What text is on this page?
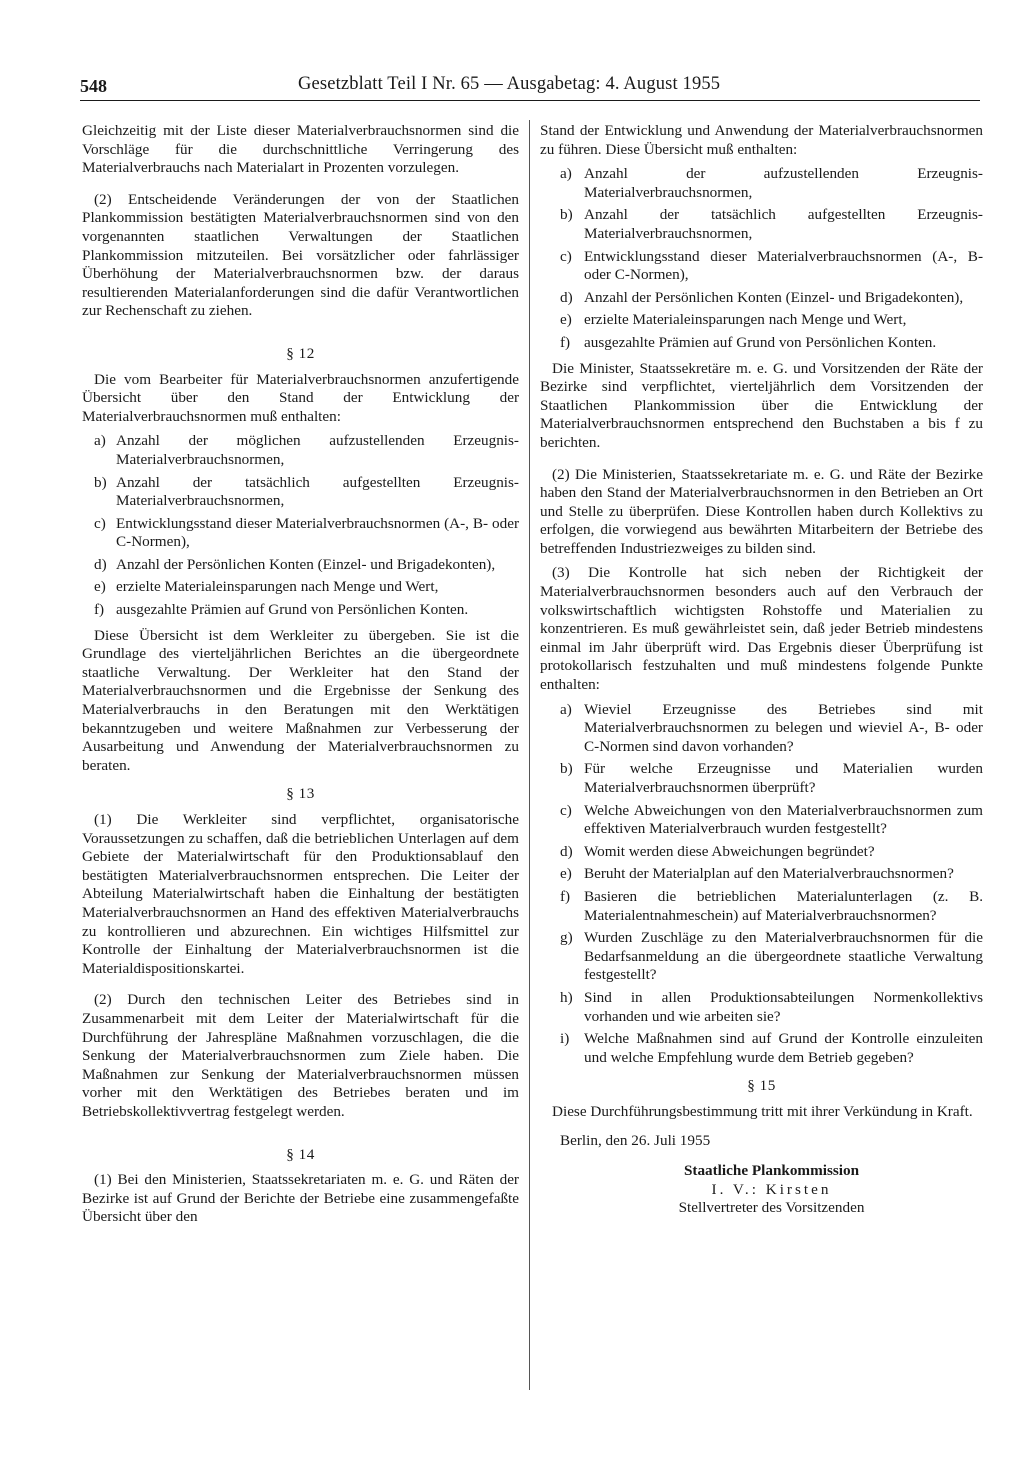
548	Gesetzblatt Teil I Nr. 65 — Ausgabetag: 4. August 1955

Gleichzeitig mit der Liste dieser Materialverbrauchsnormen sind die Vorschläge für die durchschnittliche Verringerung des Materialverbrauchs nach Materialart in Prozenten vorzulegen.

(2) Entscheidende Veränderungen der von der Staatlichen Plankommission bestätigten Materialverbrauchsnormen sind von den vorgenannten staatlichen Verwaltungen der Staatlichen Plankommission mitzuteilen. Bei vorsätzlicher oder fahrlässiger Überhöhung der Materialverbrauchsnormen bzw. der daraus resultierenden Materialanforderungen sind die dafür Verantwortlichen zur Rechenschaft zu ziehen.

§ 12

Die vom Bearbeiter für Materialverbrauchsnormen anzufertigende Übersicht über den Stand der Entwicklung der Materialverbrauchsnormen muß enthalten:

a) Anzahl der möglichen aufzustellenden Erzeugnis-Materialverbrauchsnormen,
b) Anzahl der tatsächlich aufgestellten Erzeugnis-Materialverbrauchsnormen,
c) Entwicklungsstand dieser Materialverbrauchsnormen (A-, B- oder C-Normen),
d) Anzahl der Persönlichen Konten (Einzel- und Brigadekonten),
e) erzielte Materialeinsparungen nach Menge und Wert,
f) ausgezahlte Prämien auf Grund von Persönlichen Konten.

Diese Übersicht ist dem Werkleiter zu übergeben. Sie ist die Grundlage des vierteljährlichen Berichtes an die übergeordnete staatliche Verwaltung. Der Werkleiter hat den Stand der Materialverbrauchsnormen und die Ergebnisse der Senkung des Materialverbrauchs in den Beratungen mit den Werktätigen bekanntzugeben und weitere Maßnahmen zur Verbesserung der Ausarbeitung und Anwendung der Materialverbrauchsnormen zu beraten.

§ 13

(1) Die Werkleiter sind verpflichtet, organisatorische Voraussetzungen zu schaffen, daß die betrieblichen Unterlagen auf dem Gebiete der Materialwirtschaft für den Produktionsablauf den bestätigten Materialverbrauchsnormen entsprechen. Die Leiter der Abteilung Materialwirtschaft haben die Einhaltung der bestätigten Materialverbrauchsnormen an Hand des effektiven Materialverbrauchs zu kontrollieren und abzurechnen. Ein wichtiges Hilfsmittel zur Kontrolle der Einhaltung der Materialverbrauchsnormen ist die Materialdispositionskartei.

(2) Durch den technischen Leiter des Betriebes sind in Zusammenarbeit mit dem Leiter der Materialwirtschaft für die Durchführung der Jahrespläne Maßnahmen vorzuschlagen, die die Senkung der Materialverbrauchsnormen zum Ziele haben. Die Maßnahmen zur Senkung der Materialverbrauchsnormen müssen vorher mit den Werktätigen des Betriebes beraten und im Betriebskollektivvertrag festgelegt werden.

§ 14

(1) Bei den Ministerien, Staatssekretariaten m. e. G. und Räten der Bezirke ist auf Grund der Berichte der Betriebe eine zusammengefaßte Übersicht über den

Stand der Entwicklung und Anwendung der Materialverbrauchsnormen zu führen. Diese Übersicht muß enthalten:

a) Anzahl der aufzustellenden Erzeugnis-Materialverbrauchsnormen,
b) Anzahl der tatsächlich aufgestellten Erzeugnis-Materialverbrauchsnormen,
c) Entwicklungsstand dieser Materialverbrauchsnormen (A-, B- oder C-Normen),
d) Anzahl der Persönlichen Konten (Einzel- und Brigadekonten),
e) erzielte Materialeinsparungen nach Menge und Wert,
f) ausgezahlte Prämien auf Grund von Persönlichen Konten.

Die Minister, Staatssekretäre m. e. G. und Vorsitzenden der Räte der Bezirke sind verpflichtet, vierteljährlich dem Vorsitzenden der Staatlichen Plankommission über die Entwicklung der Materialverbrauchsnormen entsprechend den Buchstaben a bis f zu berichten.

(2) Die Ministerien, Staatssekretariate m. e. G. und Räte der Bezirke haben den Stand der Materialverbrauchsnormen in den Betrieben an Ort und Stelle zu überprüfen. Diese Kontrollen haben durch Kollektivs zu erfolgen, die vorwiegend aus bewährten Mitarbeitern der Betriebe des betreffenden Industriezweiges zu bilden sind.

(3) Die Kontrolle hat sich neben der Richtigkeit der Materialverbrauchsnormen besonders auch auf den Verbrauch der volkswirtschaftlich wichtigsten Rohstoffe und Materialien zu konzentrieren. Es muß gewährleistet sein, daß jeder Betrieb mindestens einmal im Jahr überprüft wird. Das Ergebnis dieser Überprüfung ist protokollarisch festzuhalten und muß mindestens folgende Punkte enthalten:

a) Wieviel Erzeugnisse des Betriebes sind mit Materialverbrauchsnormen zu belegen und wieviel A-, B- oder C-Normen sind davon vorhanden?
b) Für welche Erzeugnisse und Materialien wurden Materialverbrauchsnormen überprüft?
c) Welche Abweichungen von den Materialverbrauchsnormen zum effektiven Materialverbrauch wurden festgestellt?
d) Womit werden diese Abweichungen begründet?
e) Beruht der Materialplan auf den Materialverbrauchsnormen?
f) Basieren die betrieblichen Materialunterlagen (z. B. Materialentnahmeschein) auf Materialverbrauchsnormen?
g) Wurden Zuschläge zu den Materialverbrauchsnormen für die Bedarfsanmeldung an die übergeordnete staatliche Verwaltung festgestellt?
h) Sind in allen Produktionsabteilungen Normenkollektivs vorhanden und wie arbeiten sie?
i) Welche Maßnahmen sind auf Grund der Kontrolle einzuleiten und welche Empfehlung wurde dem Betrieb gegeben?
§ 15

Diese Durchführungsbestimmung tritt mit ihrer Verkündung in Kraft.

Berlin, den 26. Juli 1955
Staatliche Plankommission
I. V.: Kirsten
Stellvertreter des Vorsitzenden
